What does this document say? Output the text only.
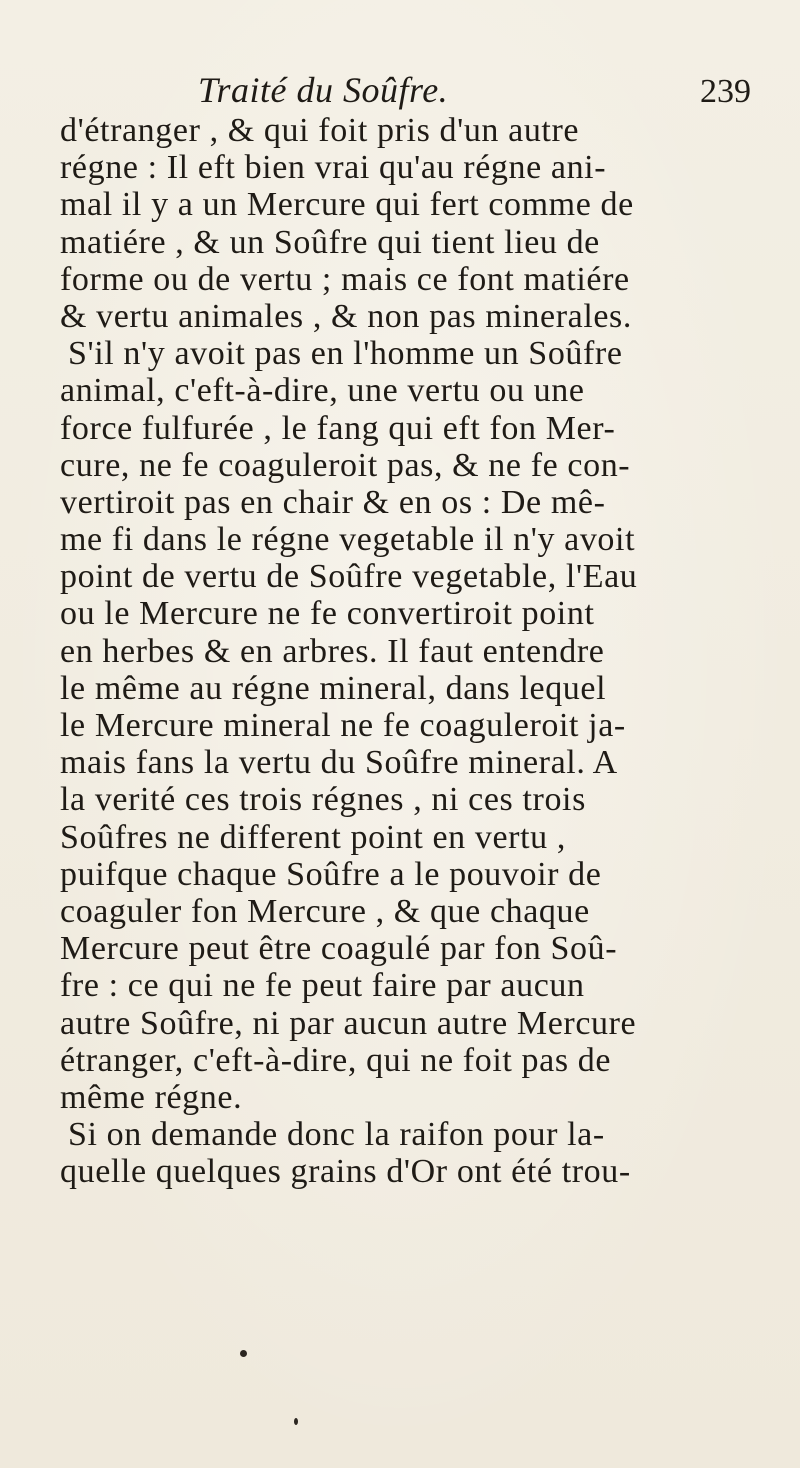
Traité du Soûfre.	239
d'étranger , & qui foit pris d'un autre
régne : Il eft bien vrai qu'au régne ani-
mal il y a un Mercure qui fert comme de
matiére , & un Soûfre qui tient lieu de
forme ou de vertu ; mais ce font matiére
& vertu animales , & non pas minerales.
S'il n'y avoit pas en l'homme un Soûfre
animal, c'eft-à-dire, une vertu ou une
force fulfurée , le fang qui eft fon Mer-
cure, ne fe coaguleroit pas, & ne fe con-
vertiroit pas en chair & en os : De mê-
me fi dans le régne vegetable il n'y avoit
point de vertu de Soûfre vegetable, l'Eau
ou le Mercure ne fe convertiroit point
en herbes & en arbres. Il faut entendre
le même au régne mineral, dans lequel
le Mercure mineral ne fe coaguleroit ja-
mais fans la vertu du Soûfre mineral. A
la verité ces trois régnes , ni ces trois
Soûfres ne different point en vertu ,
puifque chaque Soûfre a le pouvoir de
coaguler fon Mercure , & que chaque
Mercure peut être coagulé par fon Soû-
fre : ce qui ne fe peut faire par aucun
autre Soûfre, ni par aucun autre Mercure
étranger, c'eft-à-dire, qui ne foit pas de
même régne.
Si on demande donc la raifon pour la-
quelle quelques grains d'Or ont été trou-
